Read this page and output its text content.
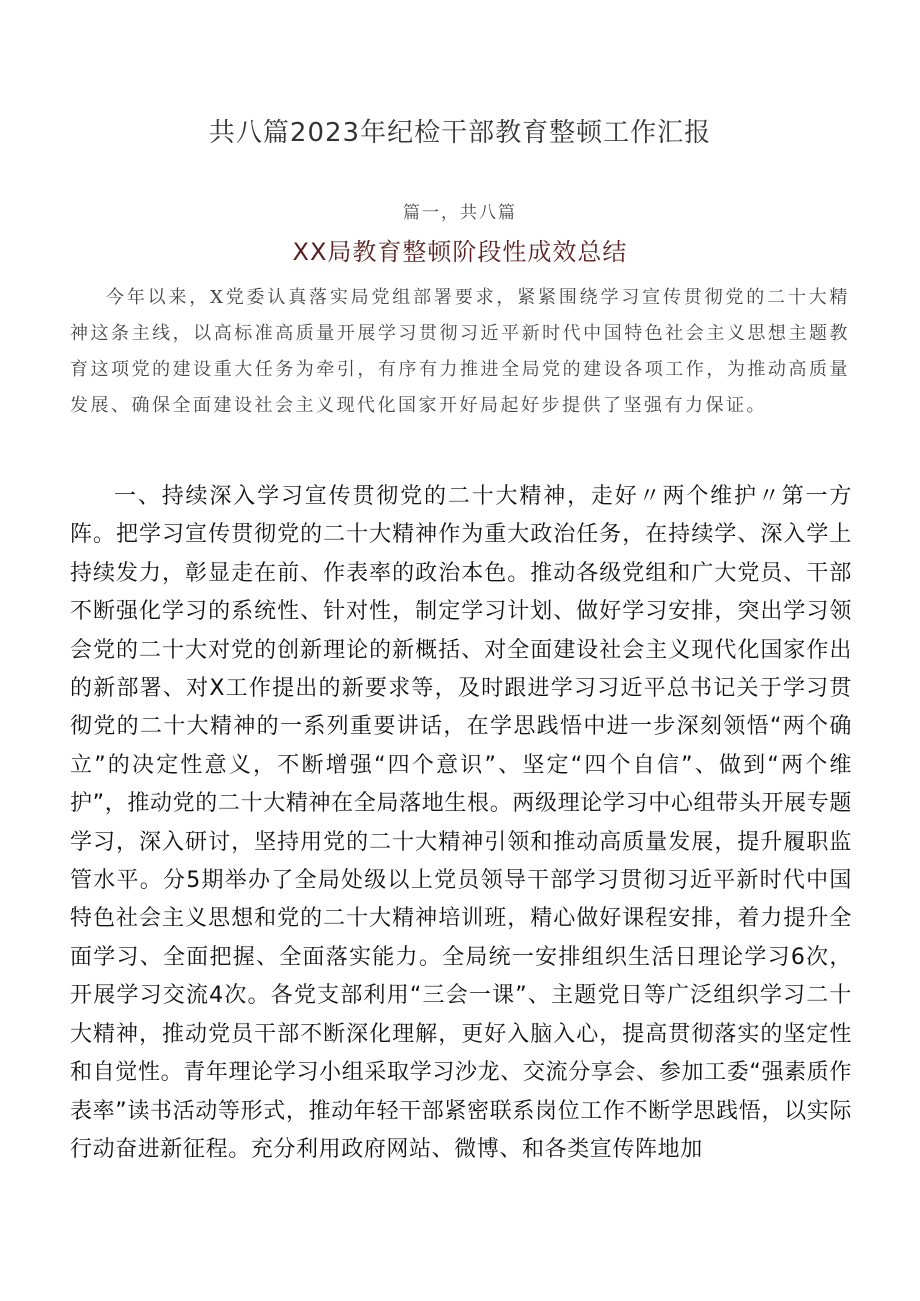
共八篇2023年纪检干部教育整顿工作汇报

篇一，共八篇

XX局教育整顿阶段性成效总结

今年以来，X党委认真落实局党组部署要求，紧紧围绕学习宣传贯彻党的二十大精神这条主线，以高标准高质量开展学习贯彻习近平新时代中国特色社会主义思想主题教育这项党的建设重大任务为牵引，有序有力推进全局党的建设各项工作，为推动高质量发展、确保全面建设社会主义现代化国家开好局起好步提供了坚强有力保证。

一、持续深入学习宣传贯彻党的二十大精神，走好〃两个维护〃第一方阵。把学习宣传贯彻党的二十大精神作为重大政治任务，在持续学、深入学上持续发力，彰显走在前、作表率的政治本色。推动各级党组和广大党员、干部不断强化学习的系统性、针对性，制定学习计划、做好学习安排，突出学习领会党的二十大对党的创新理论的新概括、对全面建设社会主义现代化国家作出的新部署、对X工作提出的新要求等，及时跟进学习习近平总书记关于学习贯彻党的二十大精神的一系列重要讲话，在学思践悟中进一步深刻领悟“两个确立”的决定性意义，不断增强“四个意识”、坚定“四个自信”、做到“两个维护”，推动党的二十大精神在全局落地生根。两级理论学习中心组带头开展专题学习，深入研讨，坚持用党的二十大精神引领和推动高质量发展，提升履职监管水平。分5期举办了全局处级以上党员领导干部学习贯彻习近平新时代中国特色社会主义思想和党的二十大精神培训班，精心做好课程安排，着力提升全面学习、全面把握、全面落实能力。全局统一安排组织生活日理论学习6次，开展学习交流4次。各党支部利用“三会一课”、主题党日等广泛组织学习二十大精神，推动党员干部不断深化理解，更好入脑入心，提高贯彻落实的坚定性和自觉性。青年理论学习小组采取学习沙龙、交流分享会、参加工委“强素质作表率”读书活动等形式，推动年轻干部紧密联系岗位工作不断学思践悟，以实际行动奋进新征程。充分利用政府网站、微博、和各类宣传阵地加
